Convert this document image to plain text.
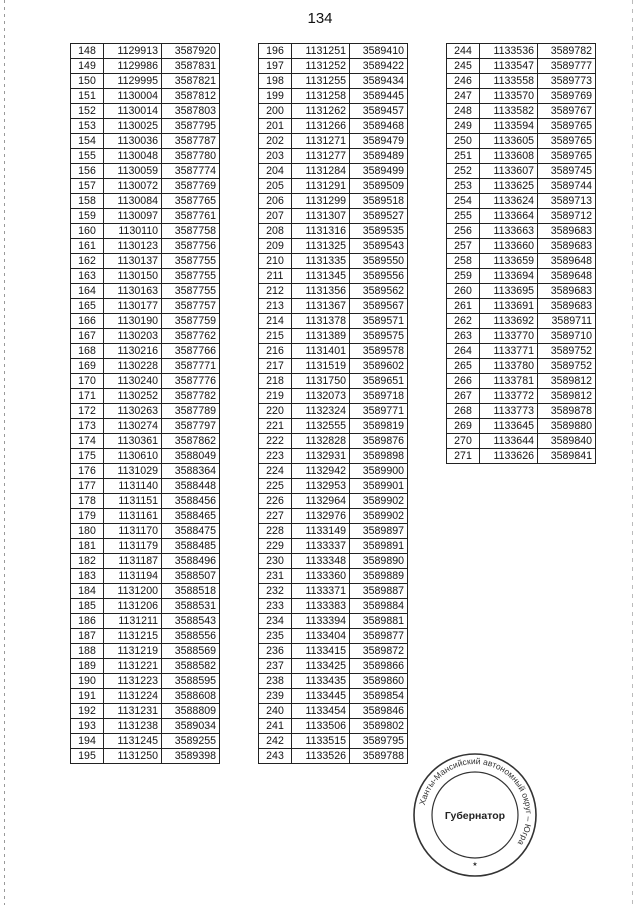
134
148	1129913	3587920
149	1129986	3587831
150	1129995	3587821
151	1130004	3587812
152	1130014	3587803
153	1130025	3587795
154	1130036	3587787
155	1130048	3587780
156	1130059	3587774
157	1130072	3587769
158	1130084	3587765
159	1130097	3587761
160	1130110	3587758
161	1130123	3587756
162	1130137	3587755
163	1130150	3587755
164	1130163	3587755
165	1130177	3587757
166	1130190	3587759
167	1130203	3587762
168	1130216	3587766
169	1130228	3587771
170	1130240	3587776
171	1130252	3587782
172	1130263	3587789
173	1130274	3587797
174	1130361	3587862
175	1130610	3588049
176	1131029	3588364
177	1131140	3588448
178	1131151	3588456
179	1131161	3588465
180	1131170	3588475
181	1131179	3588485
182	1131187	3588496
183	1131194	3588507
184	1131200	3588518
185	1131206	3588531
186	1131211	3588543
187	1131215	3588556
188	1131219	3588569
189	1131221	3588582
190	1131223	3588595
191	1131224	3588608
192	1131231	3588809
193	1131238	3589034
194	1131245	3589255
195	1131250	3589398
196	1131251	3589410
197	1131252	3589422
198	1131255	3589434
199	1131258	3589445
200	1131262	3589457
201	1131266	3589468
202	1131271	3589479
203	1131277	3589489
204	1131284	3589499
205	1131291	3589509
206	1131299	3589518
207	1131307	3589527
208	1131316	3589535
209	1131325	3589543
210	1131335	3589550
211	1131345	3589556
212	1131356	3589562
213	1131367	3589567
214	1131378	3589571
215	1131389	3589575
216	1131401	3589578
217	1131519	3589602
218	1131750	3589651
219	1132073	3589718
220	1132324	3589771
221	1132555	3589819
222	1132828	3589876
223	1132931	3589898
224	1132942	3589900
225	1132953	3589901
226	1132964	3589902
227	1132976	3589902
228	1133149	3589897
229	1133337	3589891
230	1133348	3589890
231	1133360	3589889
232	1133371	3589887
233	1133383	3589884
234	1133394	3589881
235	1133404	3589877
236	1133415	3589872
237	1133425	3589866
238	1133435	3589860
239	1133445	3589854
240	1133454	3589846
241	1133506	3589802
242	1133515	3589795
243	1133526	3589788
244	1133536	3589782
245	1133547	3589777
246	1133558	3589773
247	1133570	3589769
248	1133582	3589767
249	1133594	3589765
250	1133605	3589765
251	1133608	3589765
252	1133607	3589745
253	1133625	3589744
254	1133624	3589713
255	1133664	3589712
256	1133663	3589683
257	1133660	3589683
258	1133659	3589648
259	1133694	3589648
260	1133695	3589683
261	1133691	3589683
262	1133692	3589711
263	1133770	3589710
264	1133771	3589752
265	1133780	3589752
266	1133781	3589812
267	1133772	3589812
268	1133773	3589878
269	1133645	3589880
270	1133644	3589840
271	1133626	3589841
Ханты-Мансийский автономный округ – Югра
Губернатор
★
